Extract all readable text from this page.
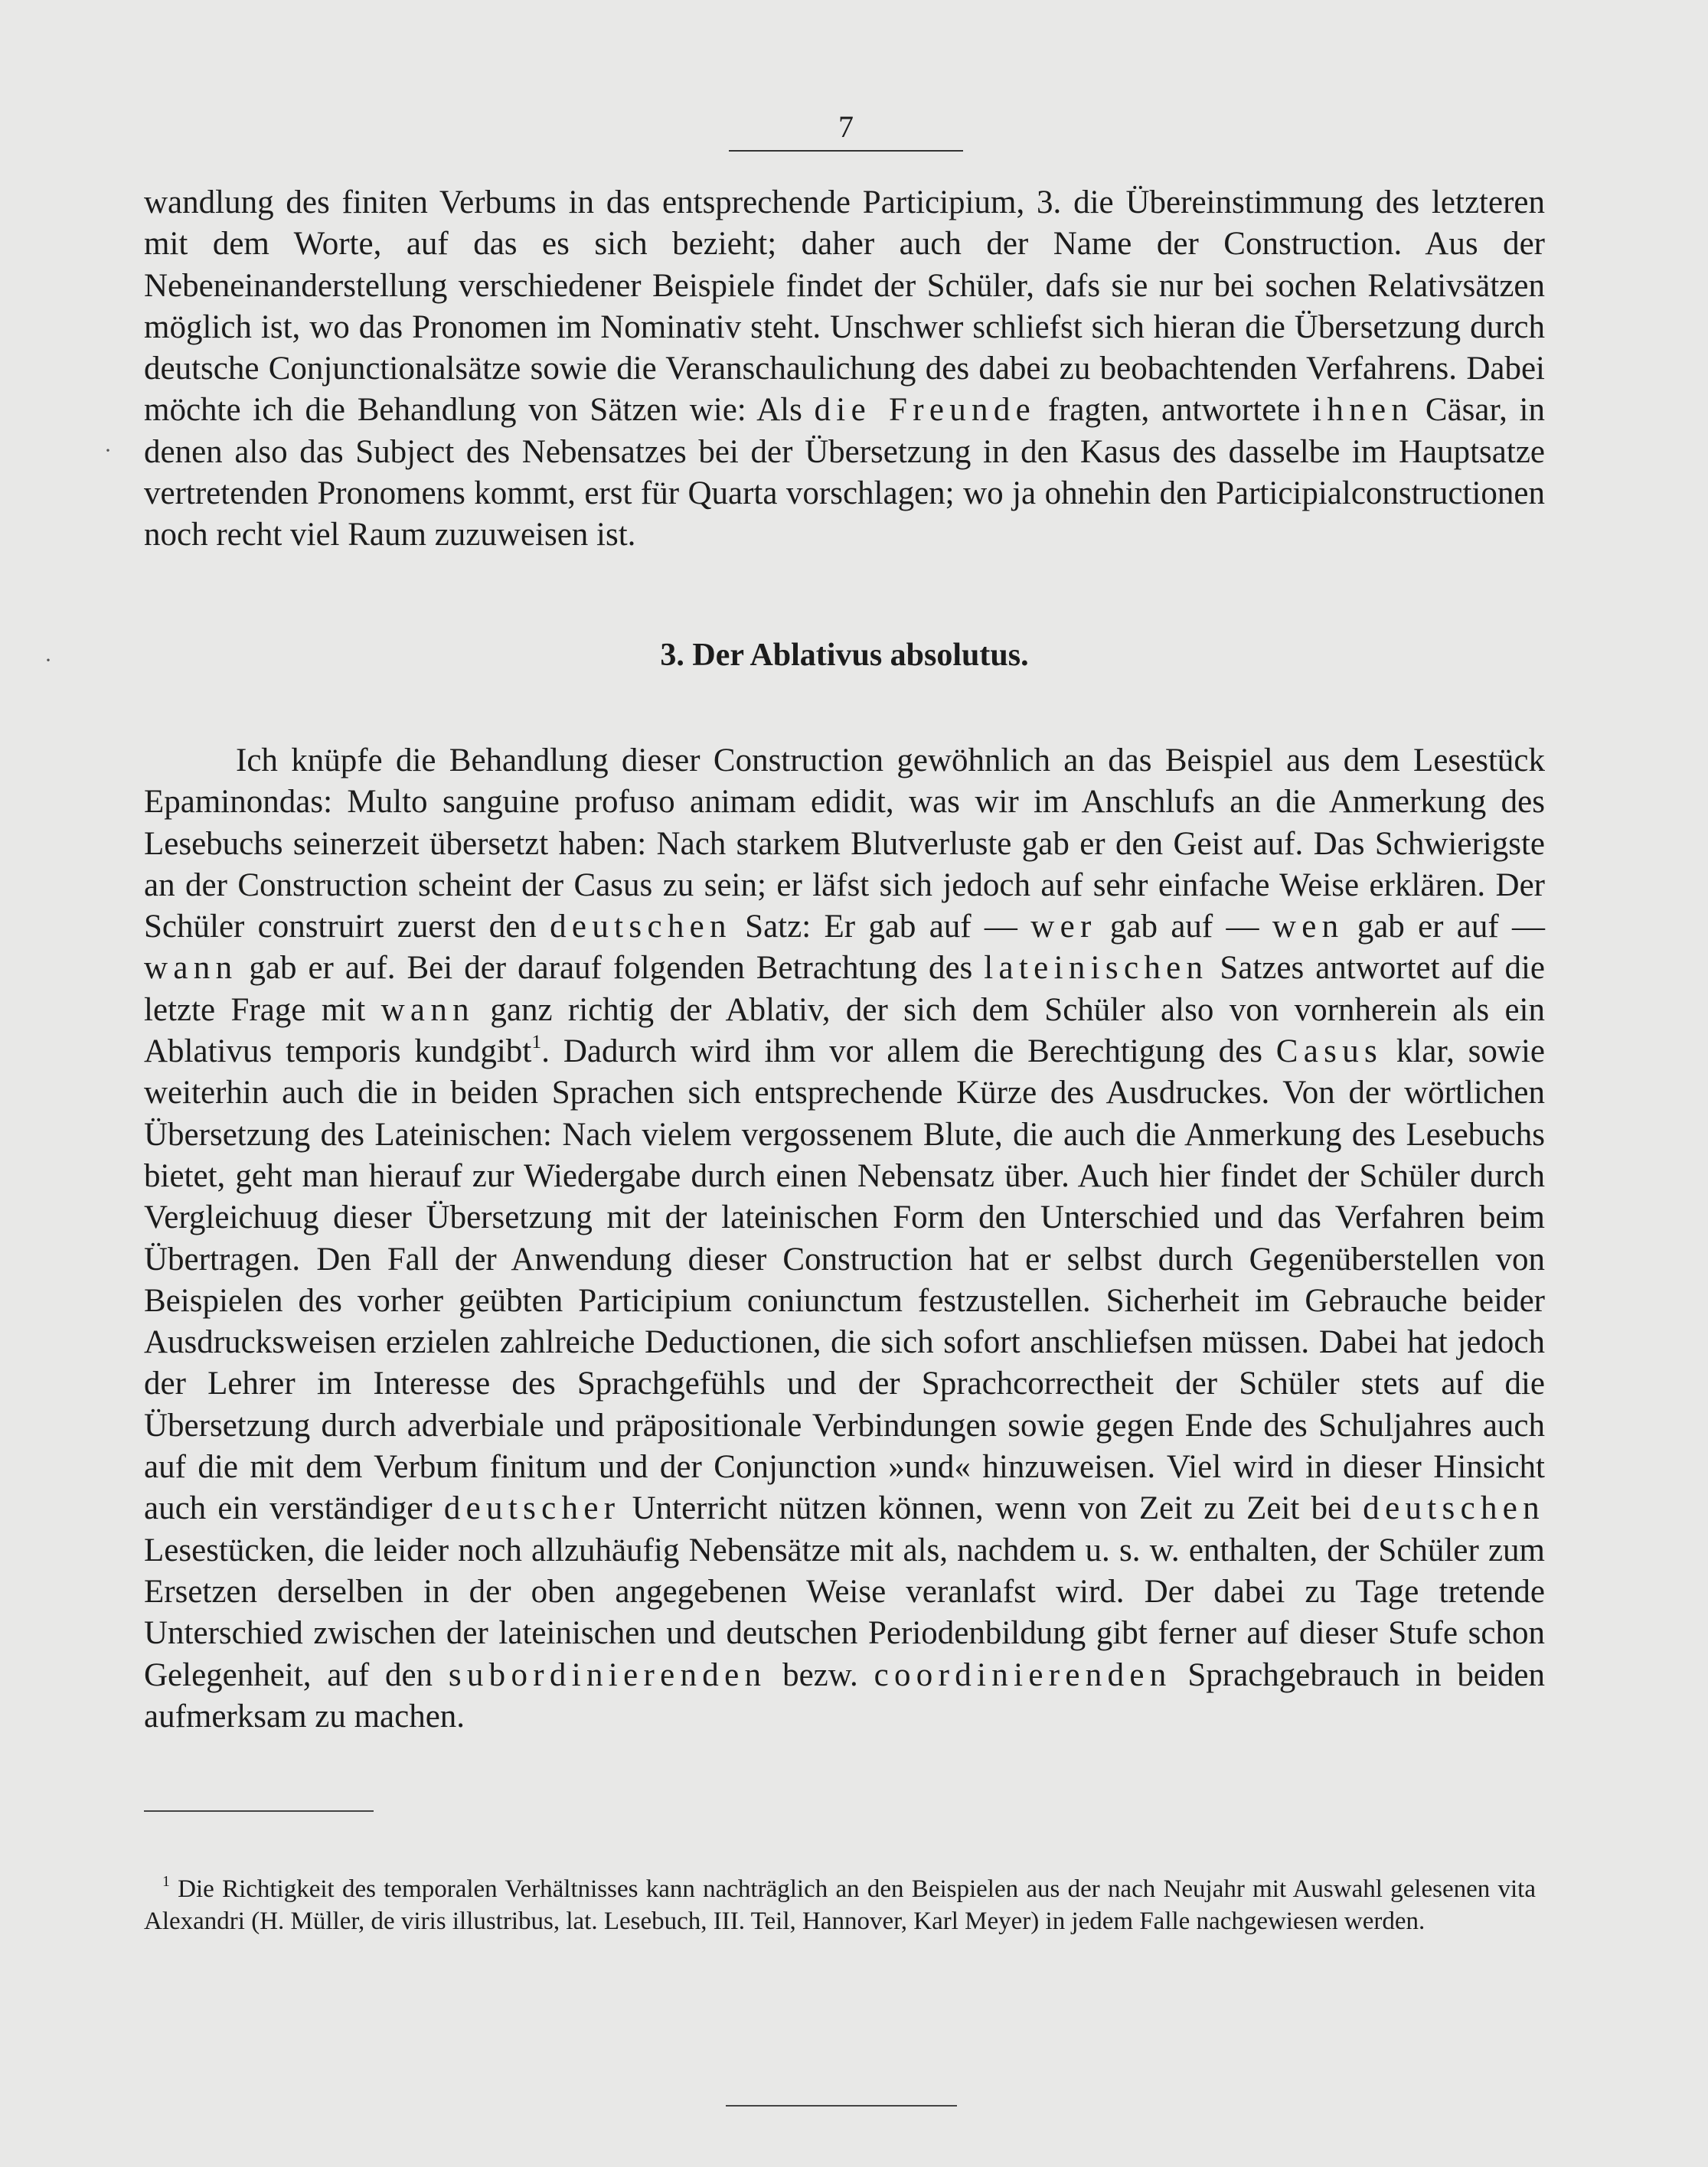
7

wandlung des finiten Verbums in das entsprechende Participium, 3. die Übereinstimmung des letzteren mit dem Worte, auf das es sich bezieht; daher auch der Name der Construction. Aus der Nebeneinanderstellung verschiedener Beispiele findet der Schüler, dafs sie nur bei sochen Relativsätzen möglich ist, wo das Pronomen im Nominativ steht. Unschwer schliefst sich hieran die Übersetzung durch deutsche Conjunctionalsätze sowie die Veranschaulichung des dabei zu beobachtenden Verfahrens. Dabei möchte ich die Behandlung von Sätzen wie: Als die Freunde fragten, antwortete ihnen Cäsar, in denen also das Subject des Nebensatzes bei der Übersetzung in den Kasus des dasselbe im Hauptsatze vertretenden Pronomens kommt, erst für Quarta vorschlagen; wo ja ohnehin den Participialconstructionen noch recht viel Raum zuzuweisen ist.

3. Der Ablativus absolutus.

Ich knüpfe die Behandlung dieser Construction gewöhnlich an das Beispiel aus dem Lesestück Epaminondas: Multo sanguine profuso animam edidit, was wir im Anschlufs an die Anmerkung des Lesebuchs seinerzeit übersetzt haben: Nach starkem Blutverluste gab er den Geist auf. Das Schwierigste an der Construction scheint der Casus zu sein; er läfst sich jedoch auf sehr einfache Weise erklären. Der Schüler construirt zuerst den deutschen Satz: Er gab auf — wer gab auf — wen gab er auf — wann gab er auf. Bei der darauf folgenden Betrachtung des lateinischen Satzes antwortet auf die letzte Frage mit wann ganz richtig der Ablativ, der sich dem Schüler also von vornherein als ein Ablativus temporis kundgibt$^1$. Dadurch wird ihm vor allem die Berechtigung des Casus klar, sowie weiterhin auch die in beiden Sprachen sich entsprechende Kürze des Ausdruckes. Von der wörtlichen Übersetzung des Lateinischen: Nach vielem vergossenem Blute, die auch die Anmerkung des Lesebuchs bietet, geht man hierauf zur Wiedergabe durch einen Nebensatz über. Auch hier findet der Schüler durch Vergleichuug dieser Übersetzung mit der lateinischen Form den Unterschied und das Verfahren beim Übertragen. Den Fall der Anwendung dieser Construction hat er selbst durch Gegenüberstellen von Beispielen des vorher geübten Participium coniunctum festzustellen. Sicherheit im Gebrauche beider Ausdrucksweisen erzielen zahlreiche Deductionen, die sich sofort anschliefsen müssen. Dabei hat jedoch der Lehrer im Interesse des Sprachgefühls und der Sprachcorrectheit der Schüler stets auf die Übersetzung durch adverbiale und präpositionale Verbindungen sowie gegen Ende des Schuljahres auch auf die mit dem Verbum finitum und der Conjunction »und« hinzuweisen. Viel wird in dieser Hinsicht auch ein verständiger deutscher Unterricht nützen können, wenn von Zeit zu Zeit bei deutschen Lesestücken, die leider noch allzuhäufig Nebensätze mit als, nachdem u. s. w. enthalten, der Schüler zum Ersetzen derselben in der oben angegebenen Weise veranlafst wird. Der dabei zu Tage tretende Unterschied zwischen der lateinischen und deutschen Periodenbildung gibt ferner auf dieser Stufe schon Gelegenheit, auf den subordinierenden bezw. coordinierenden Sprachgebrauch in beiden aufmerksam zu machen.

$^1$ Die Richtigkeit des temporalen Verhältnisses kann nachträglich an den Beispielen aus der nach Neujahr mit Auswahl gelesenen vita Alexandri (H. Müller, de viris illustribus, lat. Lesebuch, III. Teil, Hannover, Karl Meyer) in jedem Falle nachgewiesen werden.

·
·
